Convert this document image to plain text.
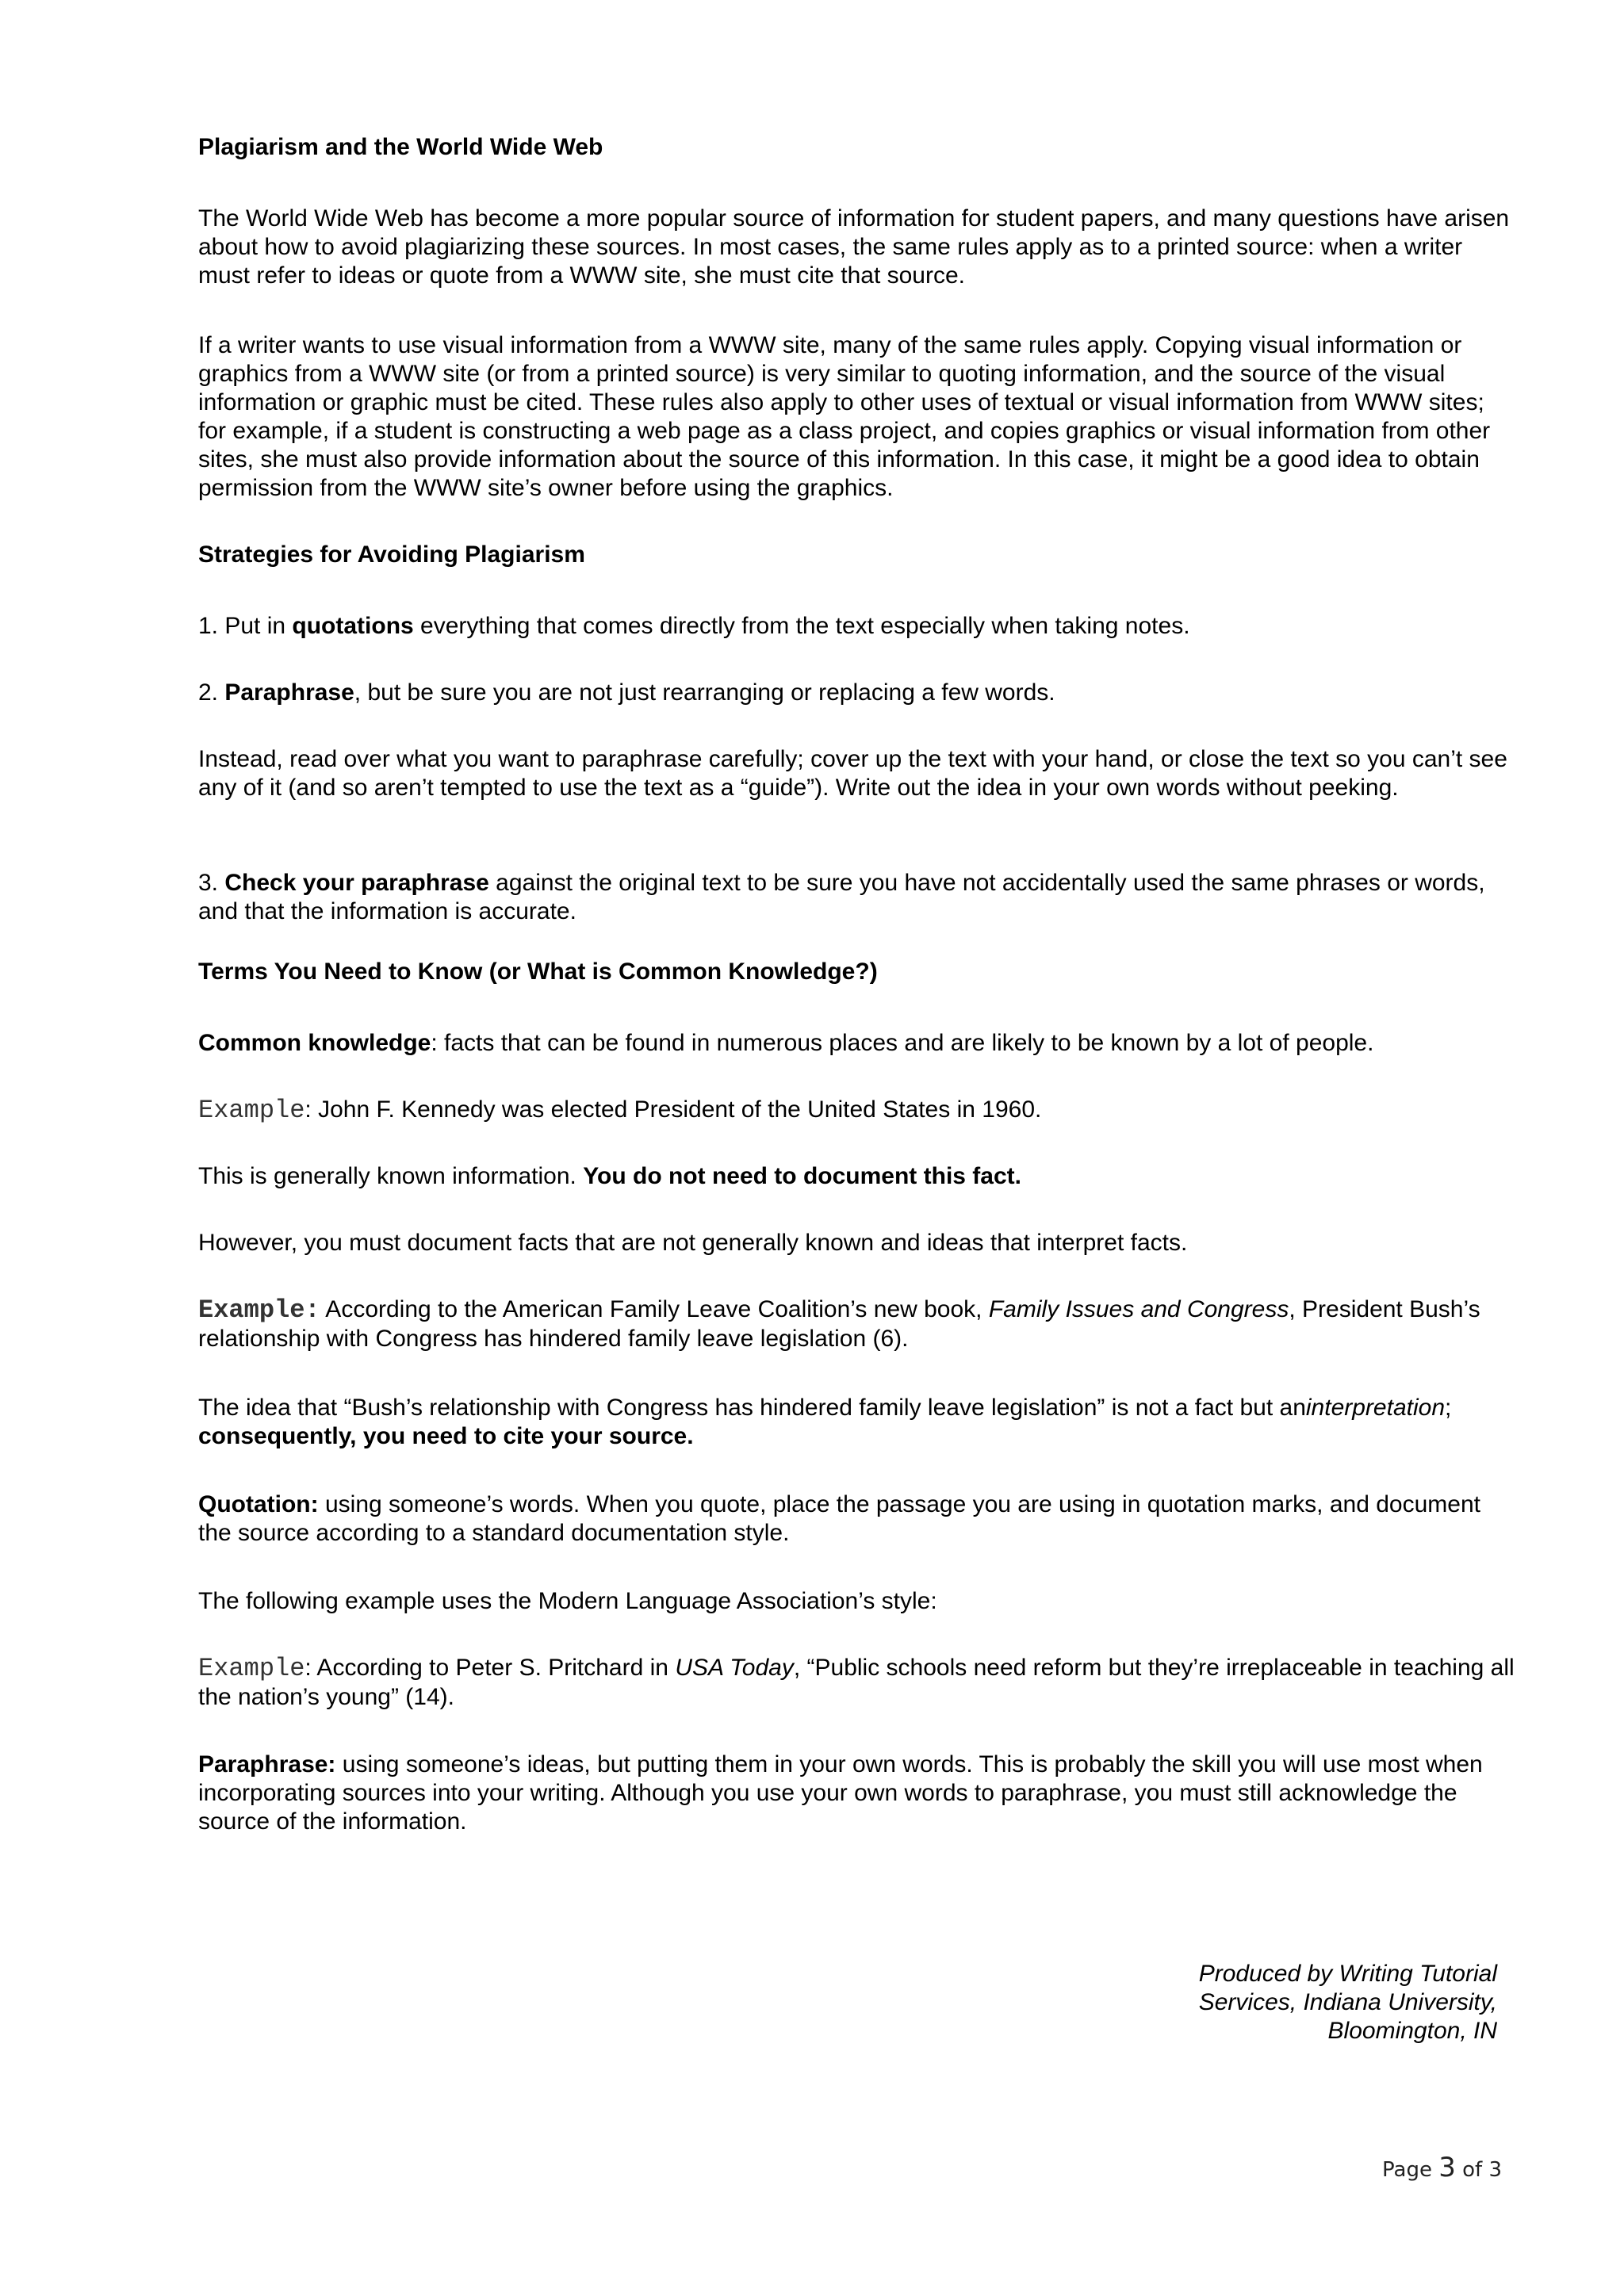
Plagiarism and the World Wide Web

The World Wide Web has become a more popular source of information for student papers, and many questions have arisen about how to avoid plagiarizing these sources. In most cases, the same rules apply as to a printed source: when a writer must refer to ideas or quote from a WWW site, she must cite that source.

If a writer wants to use visual information from a WWW site, many of the same rules apply. Copying visual information or graphics from a WWW site (or from a printed source) is very similar to quoting information, and the source of the visual information or graphic must be cited. These rules also apply to other uses of textual or visual information from WWW sites; for example, if a student is constructing a web page as a class project, and copies graphics or visual information from other sites, she must also provide information about the source of this information. In this case, it might be a good idea to obtain permission from the WWW site’s owner before using the graphics.

Strategies for Avoiding Plagiarism

1. Put in quotations everything that comes directly from the text especially when taking notes.

2. Paraphrase, but be sure you are not just rearranging or replacing a few words.

Instead, read over what you want to paraphrase carefully; cover up the text with your hand, or close the text so you can’t see any of it (and so aren’t tempted to use the text as a “guide”). Write out the idea in your own words without peeking.

3. Check your paraphrase against the original text to be sure you have not accidentally used the same phrases or words, and that the information is accurate.

Terms You Need to Know (or What is Common Knowledge?)

Common knowledge: facts that can be found in numerous places and are likely to be known by a lot of people.

Example: John F. Kennedy was elected President of the United States in 1960.

This is generally known information. You do not need to document this fact.

However, you must document facts that are not generally known and ideas that interpret facts.

Example: According to the American Family Leave Coalition’s new book, Family Issues and Congress, President Bush’s relationship with Congress has hindered family leave legislation (6).

The idea that “Bush’s relationship with Congress has hindered family leave legislation” is not a fact but aninterpretation; consequently, you need to cite your source.

Quotation: using someone’s words. When you quote, place the passage you are using in quotation marks, and document the source according to a standard documentation style.

The following example uses the Modern Language Association’s style:

Example: According to Peter S. Pritchard in USA Today, “Public schools need reform but they’re irreplaceable in teaching all the nation’s young” (14).

Paraphrase: using someone’s ideas, but putting them in your own words. This is probably the skill you will use most when incorporating sources into your writing. Although you use your own words to paraphrase, you must still acknowledge the source of the information.

Produced by Writing Tutorial
Services, Indiana University,
Bloomington, IN
Page 3 of 3
